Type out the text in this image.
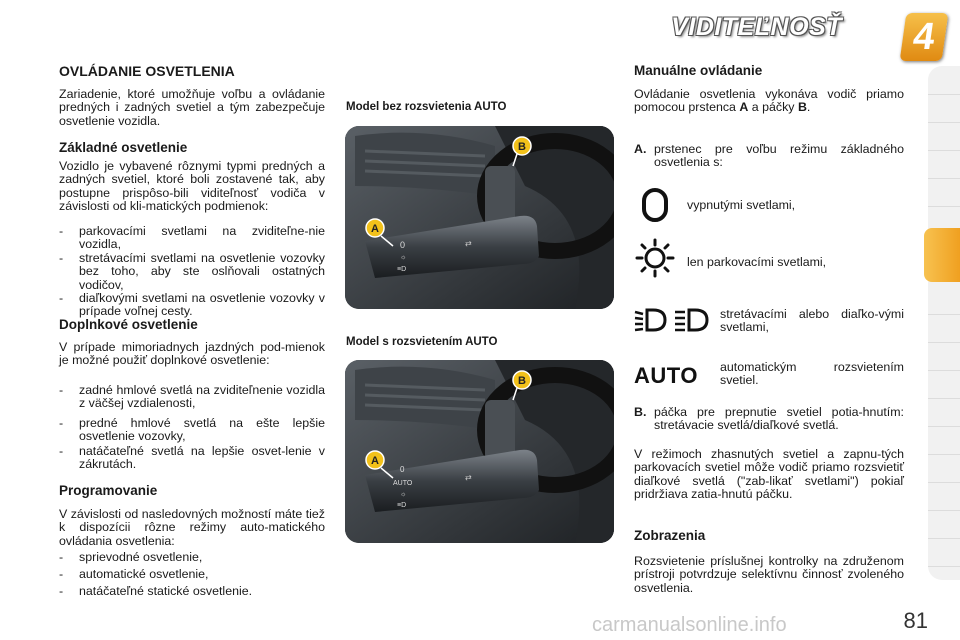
VIDITEĽNOSŤ 4
OVLÁDANIE OSVETLENIA

Zariadenie, ktoré umožňuje voľbu a ovládanie predných i zadných svetiel a tým zabezpečuje osvetlenie vozidla.

Základné osvetlenie

Vozidlo je vybavené rôznymi typmi predných a zadných svetiel, ktoré boli zostavené tak, aby postupne prispôso-bili viditeľnosť vodiča v závislosti od kli-matických podmienok:

-	parkovacími svetlami na zviditeľne-nie vozidla,
-	stretávacími svetlami na osvetlenie vozovky bez toho, aby ste oslňovali ostatných vodičov,
-	diaľkovými svetlami na osvetlenie vozovky v prípade voľnej cesty.
Doplnkové osvetlenie

V prípade mimoriadnych jazdných pod-mienok je možné použiť doplnkové osvetlenie:

-	zadné hmlové svetlá na zviditeľnenie vozidla z väčšej vzdialenosti,
-	predné hmlové svetlá na ešte lepšie osvetlenie vozovky,
-	natáčateľné svetlá na lepšie osvet-lenie v zákrutách.
Programovanie

V závislosti od nasledovných možností máte tiež k dispozícii rôzne režimy auto-matického ovládania osvetlenia:

-	sprievodné osvetlenie,
-	automatické osvetlenie,
-	natáčateľné statické osvetlenie.
Model bez rozsvietenia AUTO
0
☼
≡D
⇄
B
A
Model s rozsvietením AUTO
0
AUTO
☼
≡D
⇄
B
A
Manuálne ovládanie

Ovládanie osvetlenia vykonáva vodič priamo pomocou prstenca A a páčky B.

A. prstenec pre voľbu režimu základného osvetlenia s:
vypnutými svetlami,
len parkovacími svetlami,

stretávacími alebo diaľko-vými svetlami,

AUTO automatickým rozsvietením svetiel.

B. páčka pre prepnutie svetiel potia-hnutím: stretávacie svetlá/diaľkové svetlá.

V režimoch zhasnutých svetiel a zapnu-tých parkovacích svetiel môže vodič priamo rozsvietiť diaľkové svetlá ("zab-likať svetlami") pokiaľ pridržiava zatia-hnutú páčku.

Zobrazenia

Rozsvietenie príslušnej kontrolky na združenom prístroji potvrdzuje selektívnu činnosť zvoleného osvetlenia.

carmanualsonline.info	81
